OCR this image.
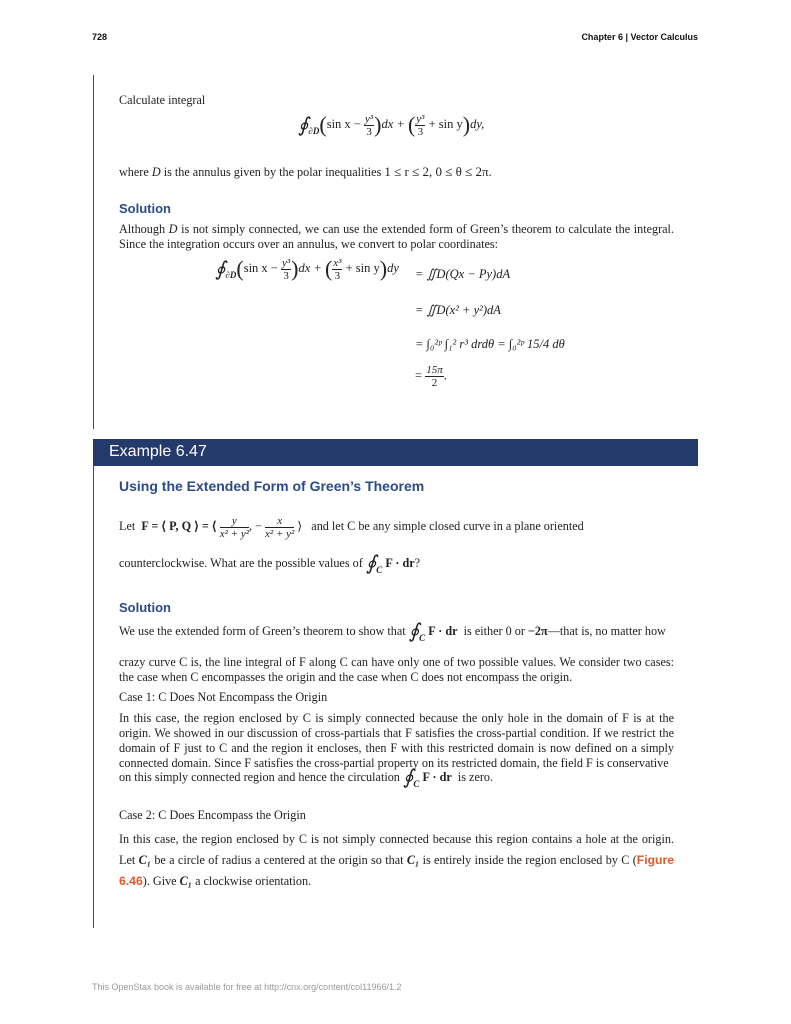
728	Chapter 6 | Vector Calculus
Calculate integral
$∮_{\partial D}(\sin$ $x - \frac{\text{y³}}{3} )dx$ + ( $\frac{\text{y³}}{3} + \sin y)dy$,
where D is the annulus given by the polar inequalities 1 ≤ r ≤ 2, 0 ≤ θ ≤ 2π.
Solution
Although D is not simply connected, we can use the extended form of Green’s theorem to calculate the integral. Since the integration occurs over an annulus, we convert to polar coordinates:
$∮_{\partial D}(\sin$ $x - \frac{\text{y³}}{3} )dx$ + ( $\frac{\text{x³}}{3} + \sin y)dy$ = ∬D(Qx − Py)dA
= ∬D(x² + y²)dA
= ∫₀²ᵖ ∫₁² r³ drdθ = ∫₀²ᵖ 15/4 dθ
= $\frac{15\pi}{2}$ .
Example 6.47
Using the Extended Form of Green’s Theorem
Let F = ⟨ P, Q ⟩ = ⟨ $\frac{y}{\text{x² + y²}}$ , − $\frac{x}{\text{x² + y²}}$ ⟩ and let C be any simple closed curve in a plane oriented
counterclockwise. What are the possible values of $∮_C$ F · dr?
Solution
We use the extended form of Green’s theorem to show that $∮_C$ F · dr is either 0 or −2π—that is, no matter how
crazy curve C is, the line integral of F along C can have only one of two possible values. We consider two cases: the case when C encompasses the origin and the case when C does not encompass the origin.
Case 1: C Does Not Encompass the Origin
In this case, the region enclosed by C is simply connected because the only hole in the domain of F is at the origin. We showed in our discussion of cross-partials that F satisfies the cross-partial condition. If we restrict the domain of F just to C and the region it encloses, then F with this restricted domain is now defined on a simply connected domain. Since F satisfies the cross-partial property on its restricted domain, the field F is conservative
on this simply connected region and hence the circulation $∮_C$ F · dr is zero.
Case 2: C Does Encompass the Origin
In this case, the region enclosed by C is not simply connected because this region contains a hole at the origin. Let C₁ be a circle of radius a centered at the origin so that C₁ is entirely inside the region enclosed by C (Figure 6.46). Give C₁ a clockwise orientation.
This OpenStax book is available for free at http://cnx.org/content/col11966/1.2
